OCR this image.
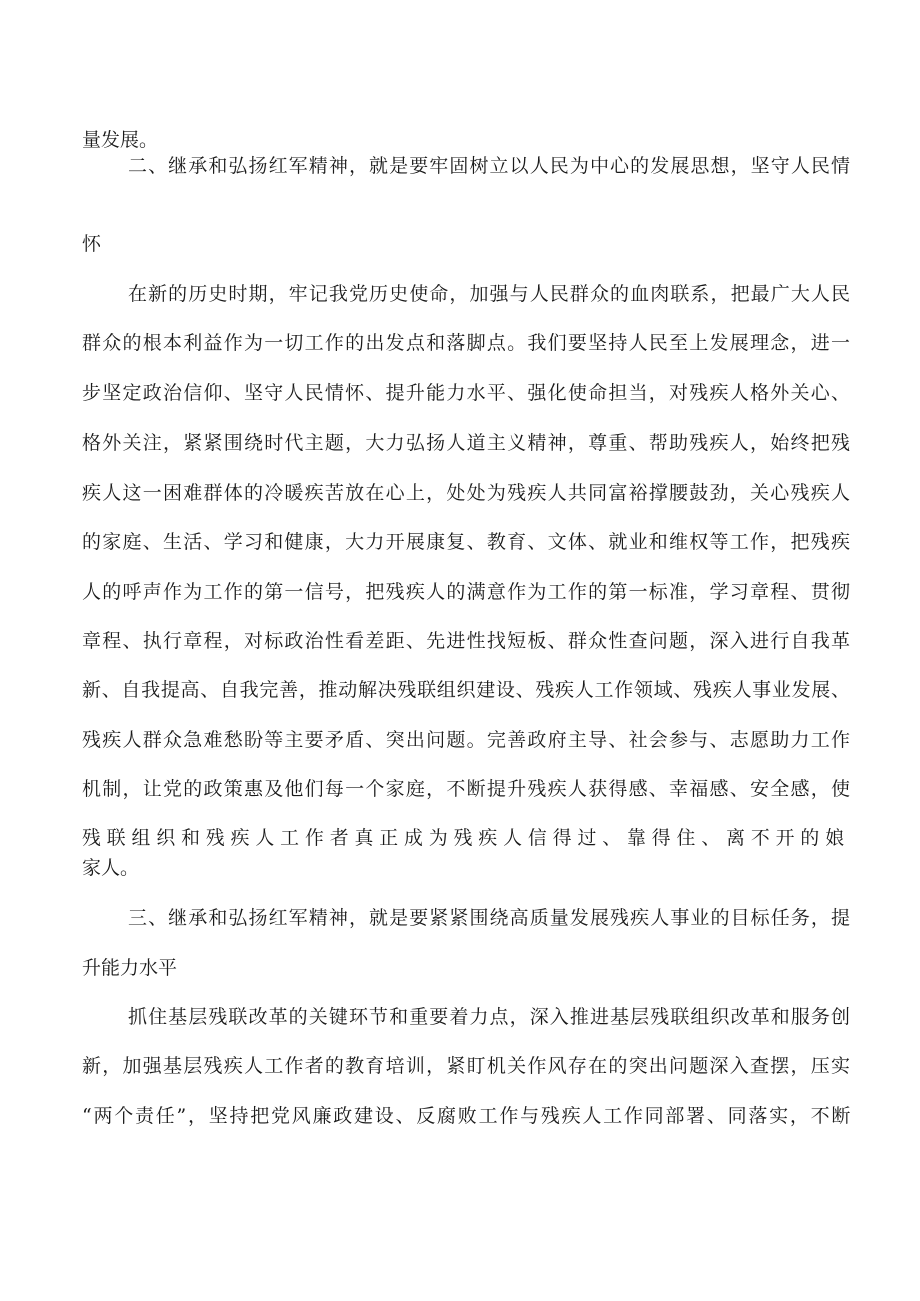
量发展。
二、继承和弘扬红军精神，就是要牢固树立以人民为中心的发展思想，坚守人民情
怀
在新的历史时期，牢记我党历史使命，加强与人民群众的血肉联系，把最广大人民
群众的根本利益作为一切工作的出发点和落脚点。我们要坚持人民至上发展理念，进一
步坚定政治信仰、坚守人民情怀、提升能力水平、强化使命担当，对残疾人格外关心、
格外关注，紧紧围绕时代主题，大力弘扬人道主义精神，尊重、帮助残疾人，始终把残
疾人这一困难群体的冷暖疾苦放在心上，处处为残疾人共同富裕撑腰鼓劲，关心残疾人
的家庭、生活、学习和健康，大力开展康复、教育、文体、就业和维权等工作，把残疾
人的呼声作为工作的第一信号，把残疾人的满意作为工作的第一标准，学习章程、贯彻
章程、执行章程，对标政治性看差距、先进性找短板、群众性查问题，深入进行自我革
新、自我提高、自我完善，推动解决残联组织建设、残疾人工作领域、残疾人事业发展、
残疾人群众急难愁盼等主要矛盾、突出问题。完善政府主导、社会参与、志愿助力工作
机制，让党的政策惠及他们每一个家庭，不断提升残疾人获得感、幸福感、安全感，使
残联组织和残疾人工作者真正成为残疾人信得过、靠得住、离不开的娘
家人。
三、继承和弘扬红军精神，就是要紧紧围绕高质量发展残疾人事业的目标任务，提
升能力水平
抓住基层残联改革的关键环节和重要着力点，深入推进基层残联组织改革和服务创
新，加强基层残疾人工作者的教育培训，紧盯机关作风存在的突出问题深入查摆，压实
“两个责任”，坚持把党风廉政建设、反腐败工作与残疾人工作同部署、同落实，不断
